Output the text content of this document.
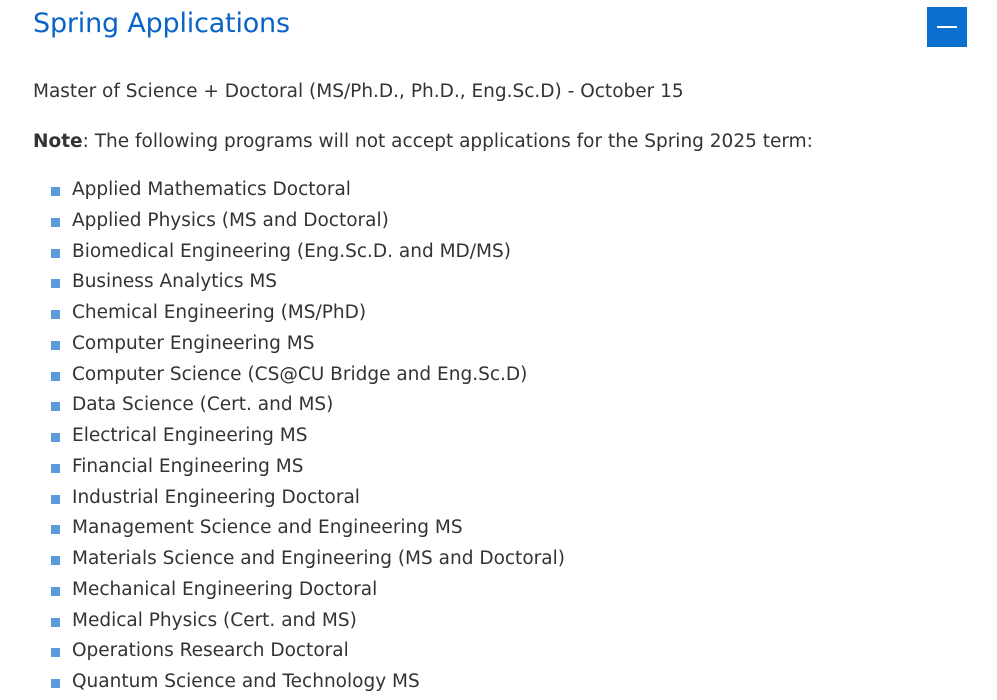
Spring Applications

Master of Science + Doctoral (MS/Ph.D., Ph.D., Eng.Sc.D) - October 15

Note: The following programs will not accept applications for the Spring 2025 term:

Applied Mathematics Doctoral
Applied Physics (MS and Doctoral)
Biomedical Engineering (Eng.Sc.D. and MD/MS)
Business Analytics MS
Chemical Engineering (MS/PhD)
Computer Engineering MS
Computer Science (CS@CU Bridge and Eng.Sc.D)
Data Science (Cert. and MS)
Electrical Engineering MS
Financial Engineering MS
Industrial Engineering Doctoral
Management Science and Engineering MS
Materials Science and Engineering (MS and Doctoral)
Mechanical Engineering Doctoral
Medical Physics (Cert. and MS)
Operations Research Doctoral
Quantum Science and Technology MS
